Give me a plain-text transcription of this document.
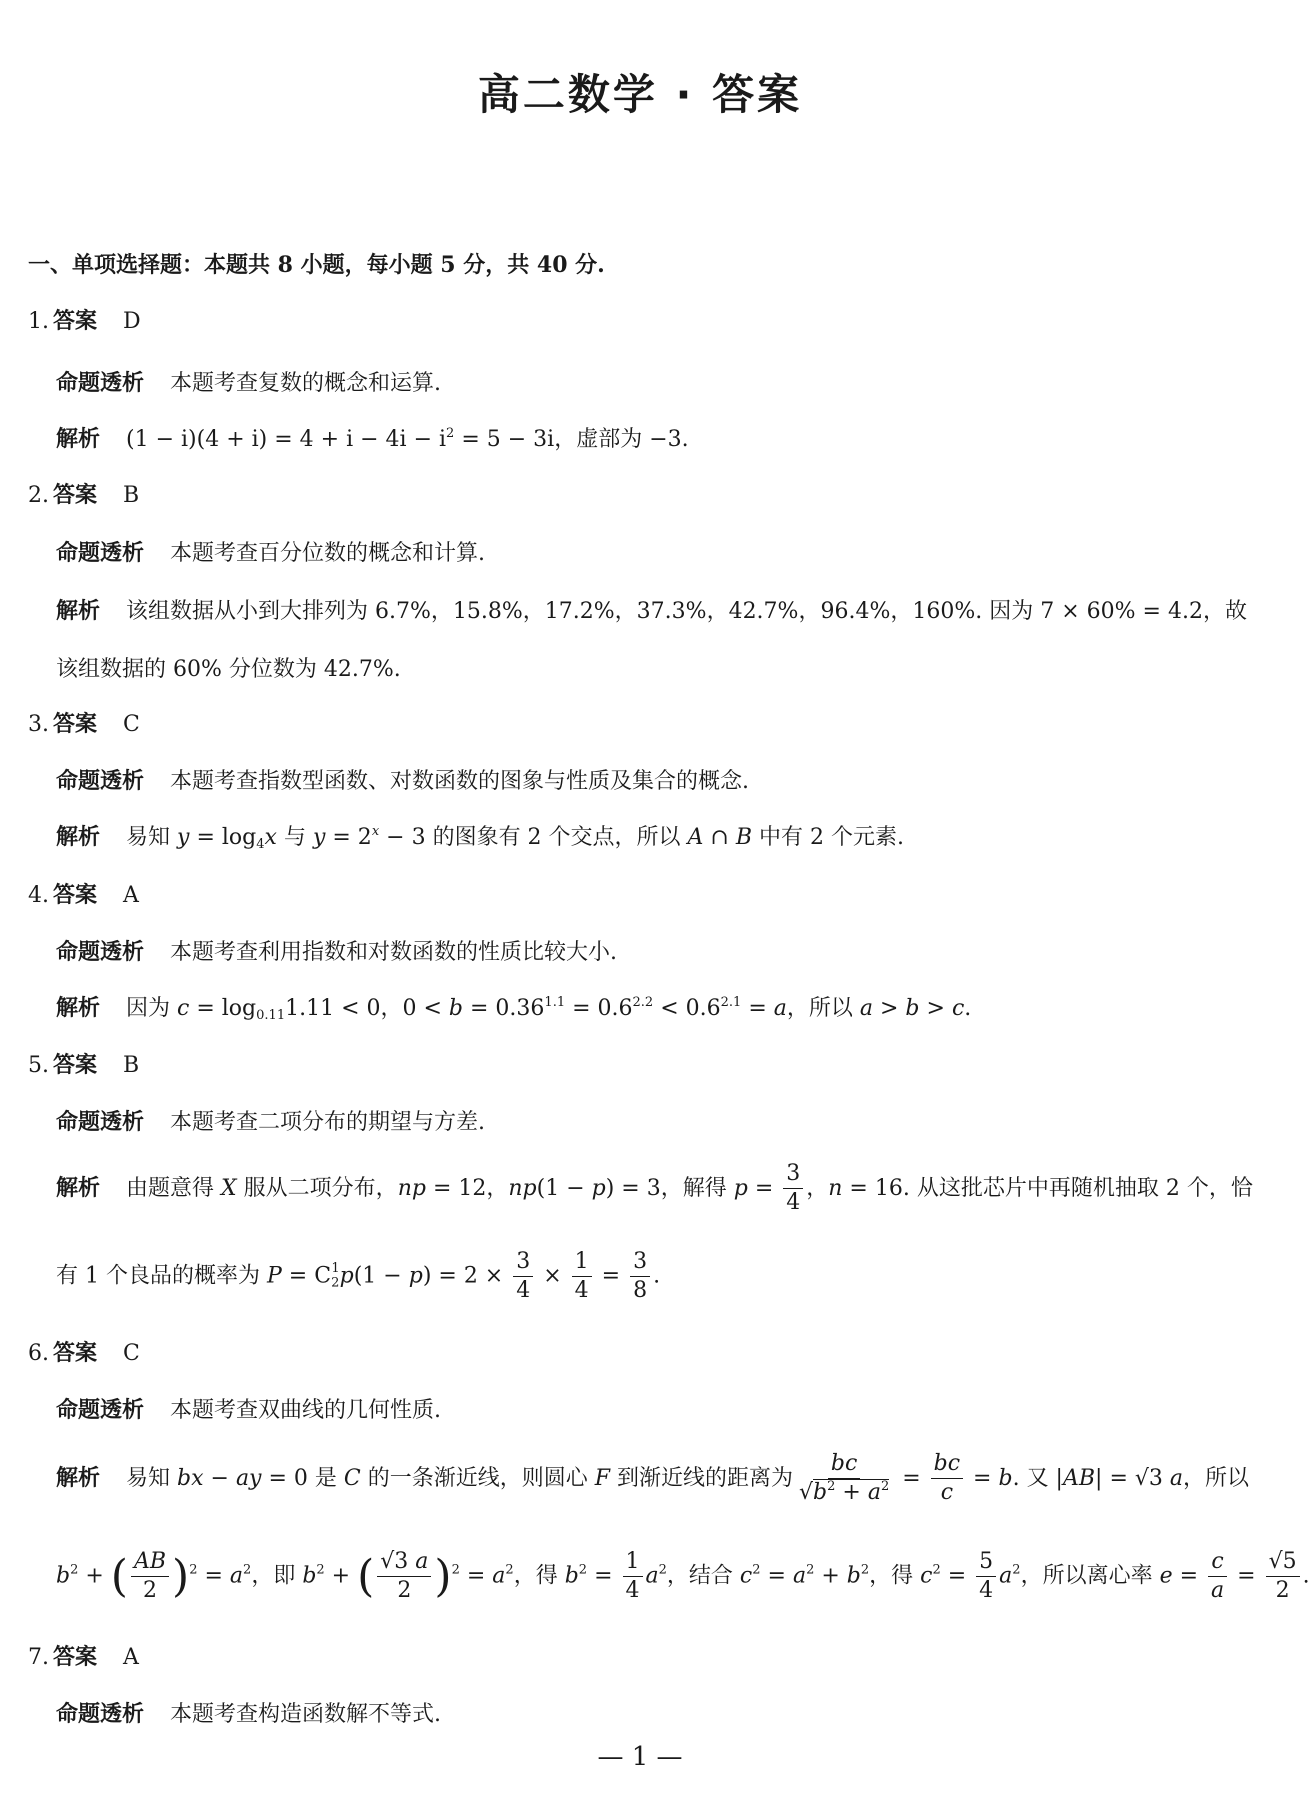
高二数学 · 答案
一、单项选择题：本题共 8 小题，每小题 5 分，共 40 分.
1. 答案 D
命题透析 本题考查复数的概念和运算.
解析 $(1 - i)(4 + i) = 4 + i - 4i - i^2 = 5 - 3i$，虚部为 −3.
2. 答案 B
命题透析 本题考查百分位数的概念和计算.
解析 该组数据从小到大排列为 6.7%，15.8%，17.2%，37.3%，42.7%，96.4%，160%. 因为 7 × 60% = 4.2，故
该组数据的 60% 分位数为 42.7%.
3. 答案 C
命题透析 本题考查指数型函数、对数函数的图象与性质及集合的概念.
解析 易知 $y = \log_4x$ 与 $y = 2^x - 3$ 的图象有 2 个交点，所以 A ∩ B 中有 2 个元素.
4. 答案 A
命题透析 本题考查利用指数和对数函数的性质比较大小.
解析 因为 $c = \log_{0.11}1.11 < 0$，$0 < b = 0.36^{1.1} = 0.6^{2.2} < 0.6^{2.1} = a$，所以 a > b > c.
5. 答案 B
命题透析 本题考查二项分布的期望与方差.
解析 由题意得 X 服从二项分布，np = 12，np(1 − p) = 3，解得 $p = \frac{3}{4}$ ，n = 16. 从这批芯片中再随机抽取 2 个，恰
有 1 个良品的概率为 $P = C_2^1p(1 - p) = 2 \times \frac{3}{4} \times \frac{1}{4} = \frac{3}{8}$ .
6. 答案 C
命题透析 本题考查双曲线的几何性质.
解析 易知 bx − ay = 0 是 C 的一条渐近线，则圆心 F 到渐近线的距离为 $\frac{bc}{√b^2 + a^2} = \frac{bc}{c} = b$. 又 |AB| = √3 a，所以
$b^2$ + ( $\frac{AB}{2} )^2 = a^2$，即 $b^2$ + ( $\frac{√3 a}{2} )^2 = a^2$，得 $b^2 = \frac{1}{4} a^2$，结合 $c^2 = a^2 + b^2$，得 $c^2 = \frac{5}{4} a^2$，所以离心率 $e = \frac{c}{a} = \frac{√5}{2}$ .
7. 答案 A
命题透析 本题考查构造函数解不等式.
— 1 —
